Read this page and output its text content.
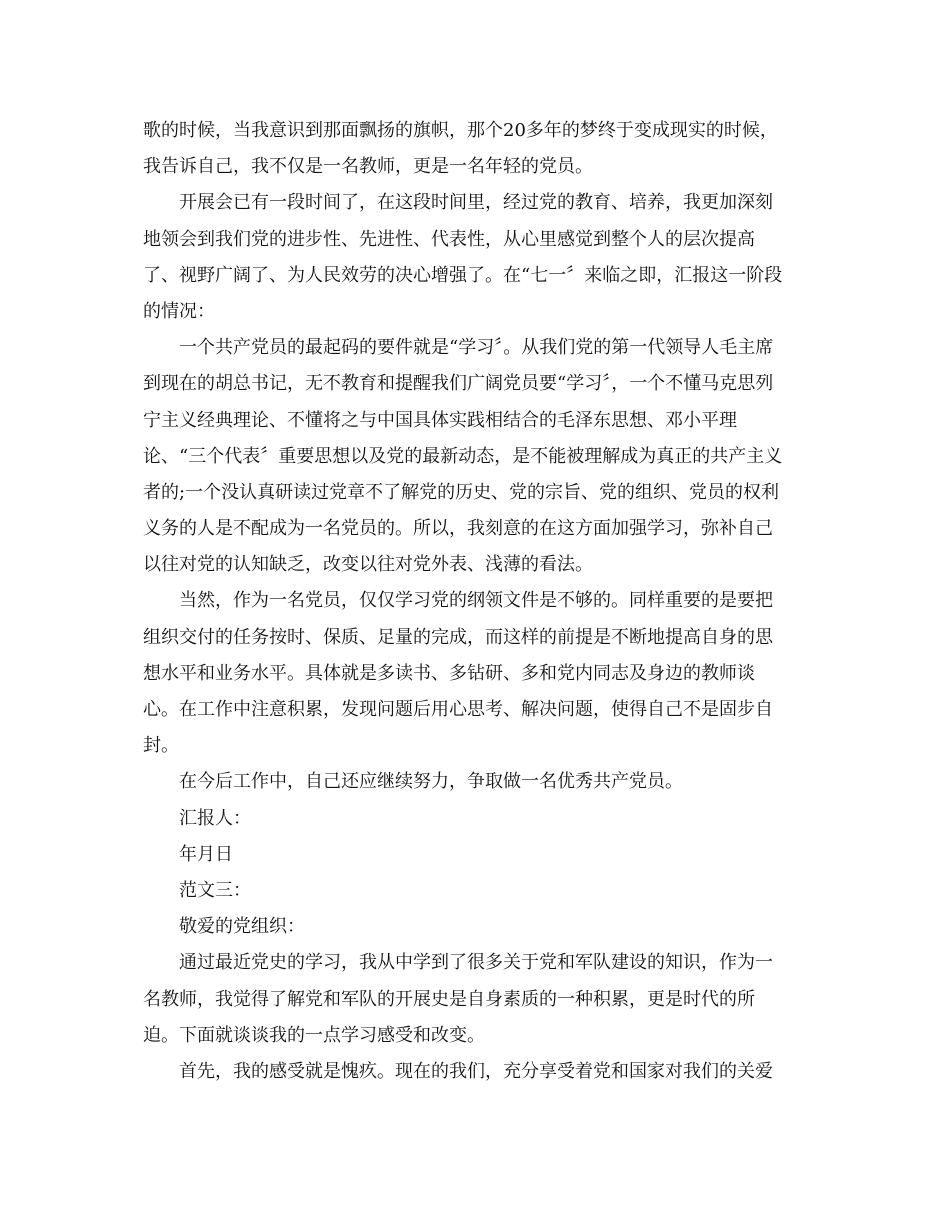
歌的时候，当我意识到那面飘扬的旗帜，那个20多年的梦终于变成现实的时候，
我告诉自己，我不仅是一名教师，更是一名年轻的党员。
开展会已有一段时间了，在这段时间里，经过党的教育、培养，我更加深刻
地领会到我们党的进步性、先进性、代表性，从心里感觉到整个人的层次提高
了、视野广阔了、为人民效劳的决心增强了。在“七一〞来临之即，汇报这一阶段
的情况：
一个共产党员的最起码的要件就是“学习〞。从我们党的第一代领导人毛主席
到现在的胡总书记，无不教育和提醒我们广阔党员要“学习〞，一个不懂马克思列
宁主义经典理论、不懂将之与中国具体实践相结合的毛泽东思想、邓小平理
论、“三个代表〞重要思想以及党的最新动态，是不能被理解成为真正的共产主义
者的;一个没认真研读过党章不了解党的历史、党的宗旨、党的组织、党员的权利
义务的人是不配成为一名党员的。所以，我刻意的在这方面加强学习，弥补自己
以往对党的认知缺乏，改变以往对党外表、浅薄的看法。
当然，作为一名党员，仅仅学习党的纲领文件是不够的。同样重要的是要把
组织交付的任务按时、保质、足量的完成，而这样的前提是不断地提高自身的思
想水平和业务水平。具体就是多读书、多钻研、多和党内同志及身边的教师谈
心。在工作中注意积累，发现问题后用心思考、解决问题，使得自己不是固步自
封。
在今后工作中，自己还应继续努力，争取做一名优秀共产党员。
汇报人：
年月日
范文三：
敬爱的党组织：
通过最近党史的学习，我从中学到了很多关于党和军队建设的知识，作为一
名教师，我觉得了解党和军队的开展史是自身素质的一种积累，更是时代的所
迫。下面就谈谈我的一点学习感受和改变。
首先，我的感受就是愧疚。现在的我们，充分享受着党和国家对我们的关爱
